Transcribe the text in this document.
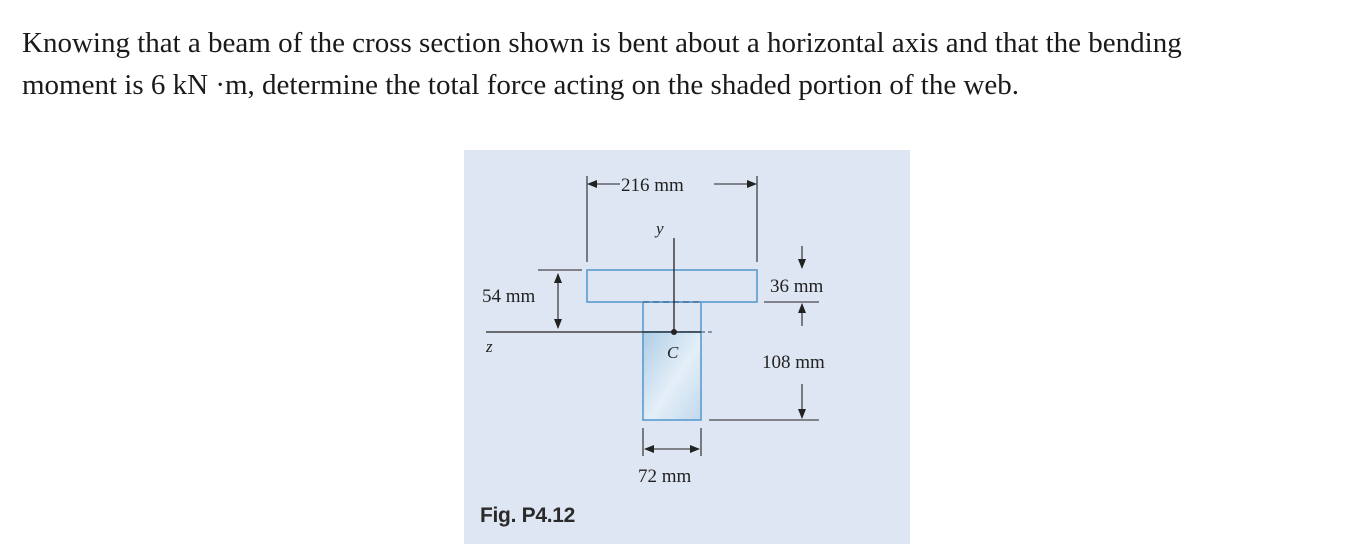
Knowing that a beam of the cross section shown is bent about a horizontal axis and that the bending
moment is 6 kN ·m, determine the total force acting on the shaded portion of the web.
z
y
C
216 mm
54 mm	36 mm
108 mm
72 mm
Fig. P4.12
